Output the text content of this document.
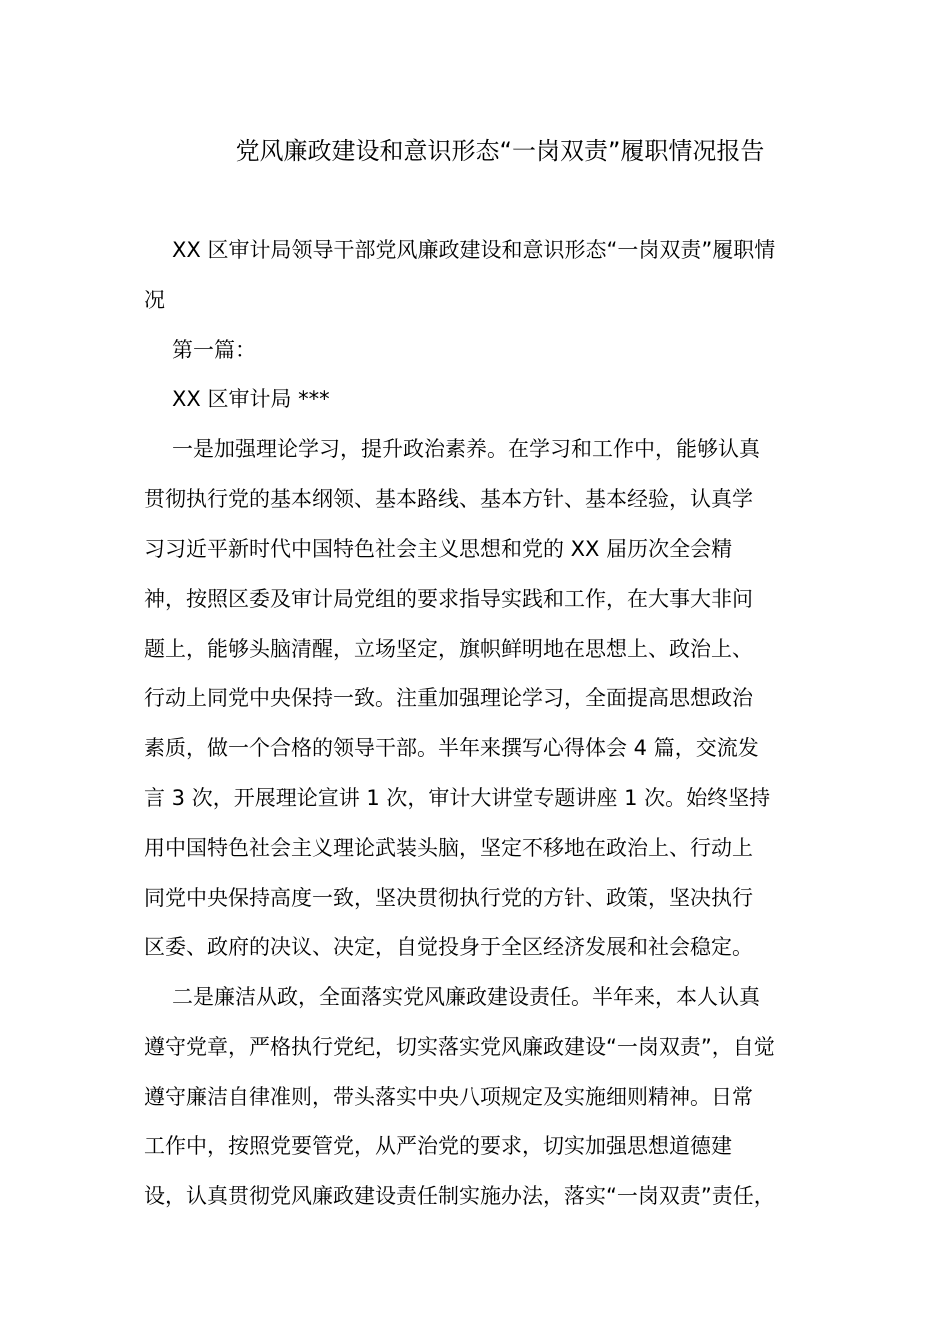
党风廉政建设和意识形态“一岗双责”履职情况报告
XX 区审计局领导干部党风廉政建设和意识形态“一岗双责”履职情
况
第一篇：
XX 区审计局 ***
一是加强理论学习，提升政治素养。在学习和工作中，能够认真
贯彻执行党的基本纲领、基本路线、基本方针、基本经验，认真学
习习近平新时代中国特色社会主义思想和党的 XX 届历次全会精
神，按照区委及审计局党组的要求指导实践和工作，在大事大非问
题上，能够头脑清醒，立场坚定，旗帜鲜明地在思想上、政治上、
行动上同党中央保持一致。注重加强理论学习，全面提高思想政治
素质，做一个合格的领导干部。半年来撰写心得体会 4 篇，交流发
言 3 次，开展理论宣讲 1 次，审计大讲堂专题讲座 1 次。始终坚持
用中国特色社会主义理论武装头脑，坚定不移地在政治上、行动上
同党中央保持高度一致，坚决贯彻执行党的方针、政策，坚决执行
区委、政府的决议、决定，自觉投身于全区经济发展和社会稳定。
二是廉洁从政，全面落实党风廉政建设责任。半年来，本人认真
遵守党章，严格执行党纪，切实落实党风廉政建设“一岗双责”，自觉
遵守廉洁自律准则，带头落实中央八项规定及实施细则精神。日常
工作中，按照党要管党，从严治党的要求，切实加强思想道德建
设，认真贯彻党风廉政建设责任制实施办法，落实“一岗双责”责任，
